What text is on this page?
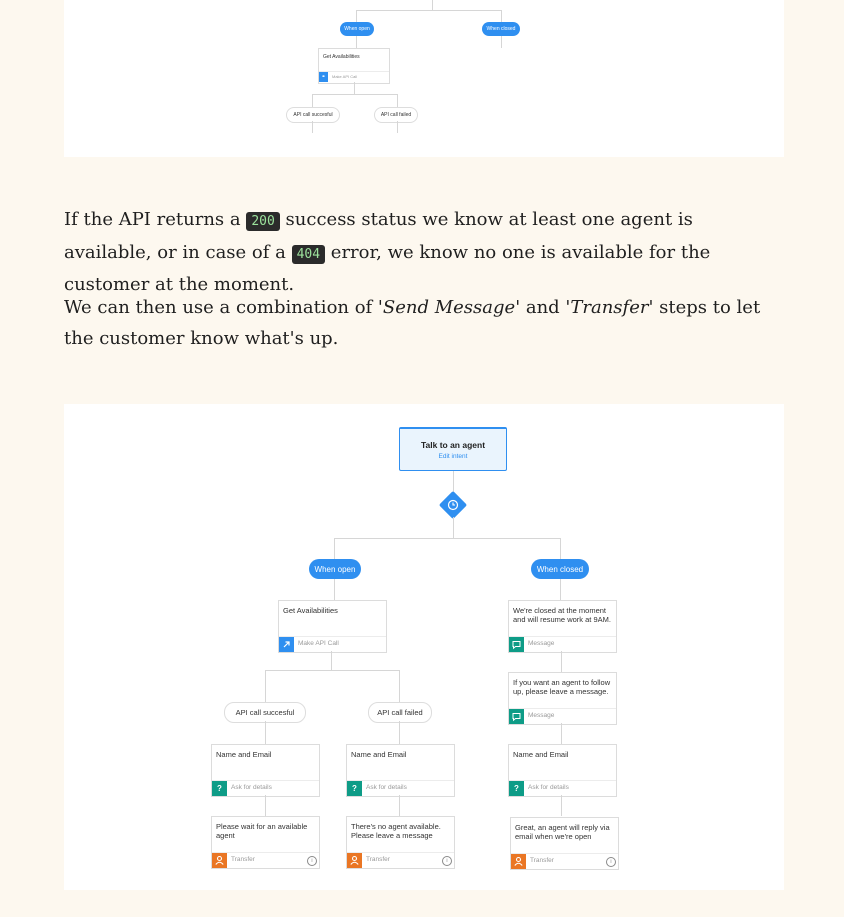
When open	When closed
Get Availabilities
⚭	Make API Call
API call succesful	API call failed

If the API returns a 200 success status we know at least one agent is available, or in case of a 404 error, we know no one is available for the customer at the moment.

We can then use a combination of 'Send Message' and 'Transfer' steps to let the customer know what's up.

Talk to an agent
Edit intent
When open	When closed
Get Availabilities
Make API Call
API call succesful	API call failed
Name and Email
?	Ask for details
Name and Email
?	Ask for details
Please wait for an available agent
Transfer	i
There's no agent available. Please leave a message
Transfer	i
We're closed at the moment and will resume work at 9AM.
Message
If you want an agent to follow up, please leave a message.
Message
Name and Email
?	Ask for details
Great, an agent will reply via email when we're open
Transfer	i
